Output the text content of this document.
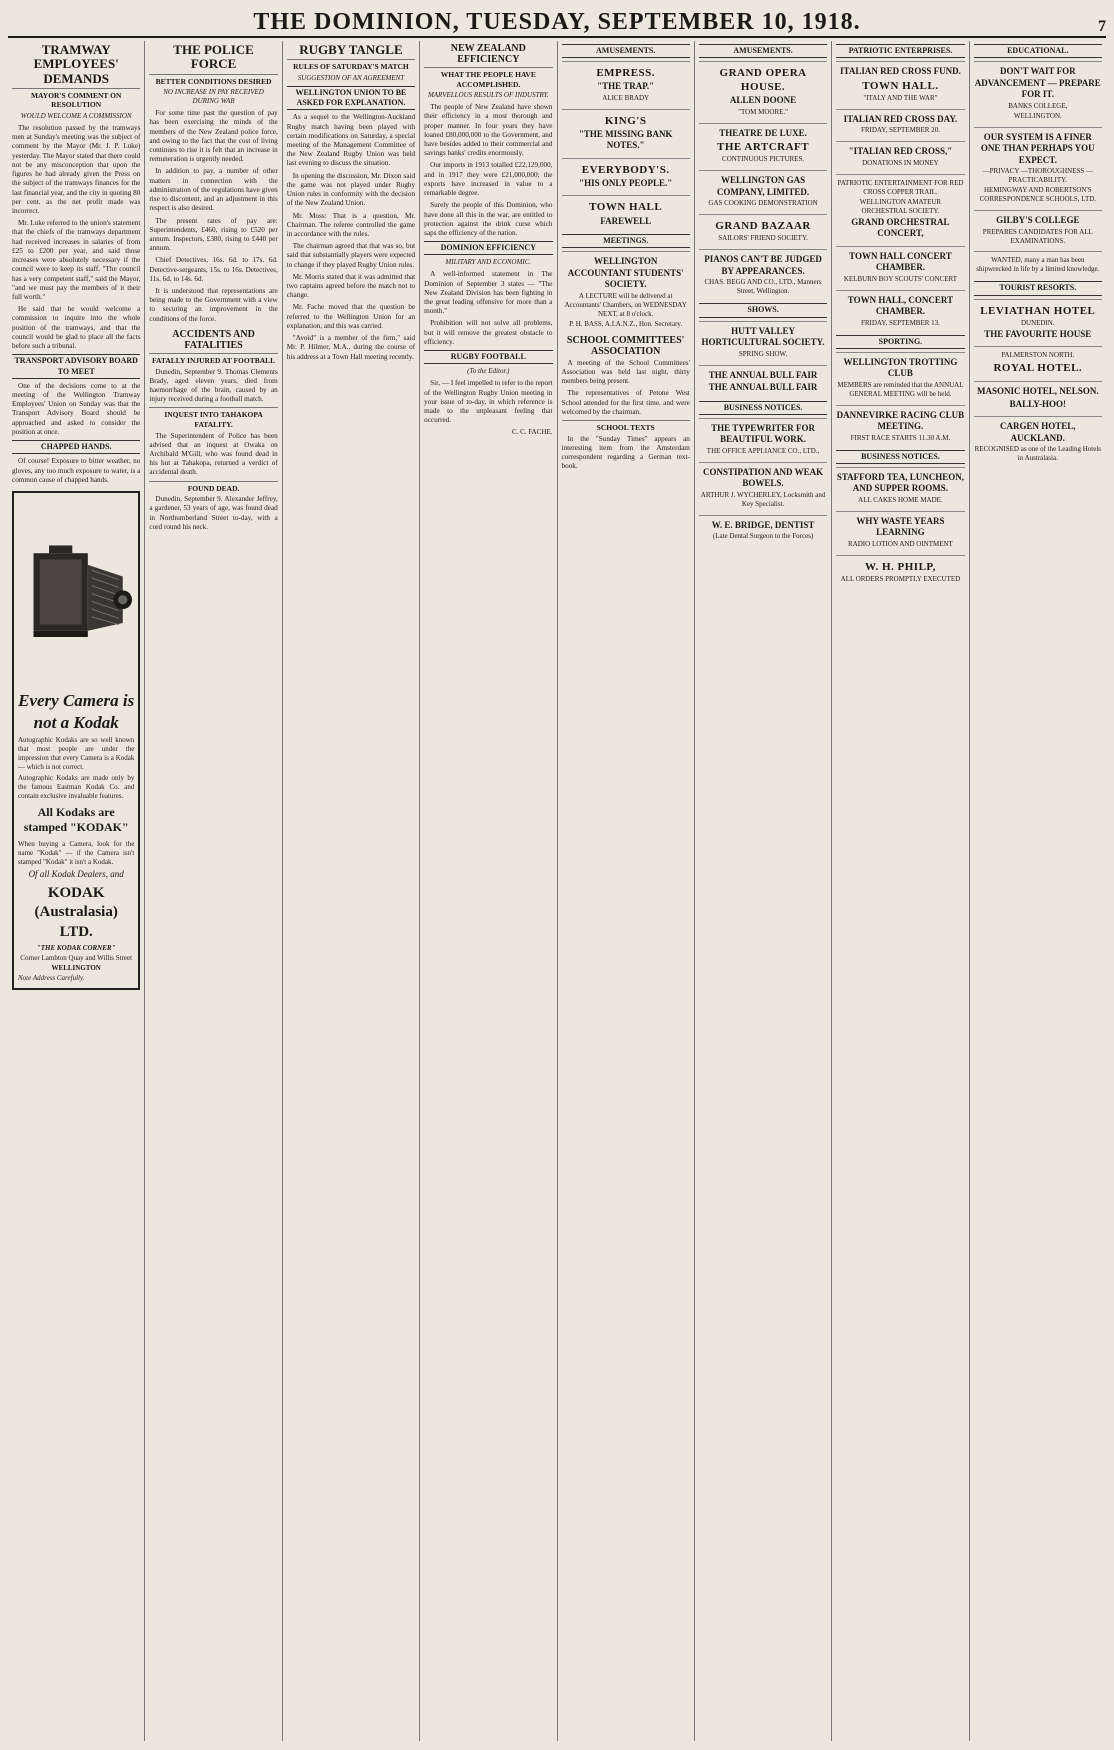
THE DOMINION, TUESDAY, SEPTEMBER 10, 1918.	7
TRAMWAY EMPLOYEES' DEMANDS
MAYOR'S COMMENT ON RESOLUTION
WOULD WELCOME A COMMISSION

The resolution passed by the tramways men at Sunday's meeting was the subject of comment by the Mayor (Mr. J. P. Luke) yesterday. The Mayor stated that there could not be any misconception that upon the figures he had already given the Press on the subject of the tramways finances for the last financial year, and the city in quoting 80 per cent. as the net profit made was incorrect.

Mr. Luke referred to the union's statement that the chiefs of the tramways department had received increases in salaries of from £25 to £200 per year, and said those increases were absolutely necessary if the council were to keep its staff. "The council has a very competent staff," said the Mayor, "and we must pay the members of it their full worth."

He said that he would welcome a commission to inquire into the whole position of the tramways, and that the council would be glad to place all the facts before such a tribunal.

TRANSPORT ADVISORY BOARD TO MEET

One of the decisions come to at the meeting of the Wellington Tramway Employees' Union on Sunday was that the Transport Advisory Board should be approached and asked to consider the position at once.

CHAPPED HANDS.

Of course! Exposure to bitter weather, no gloves, any too much exposure to water, is a common cause of chapped hands.

Every Camera is not a Kodak

Autographic Kodaks are so well known that most people are under the impression that every Camera is a Kodak — which is not correct.

Autographic Kodaks are made only by the famous Eastman Kodak Co. and contain exclusive invaluable features.

All Kodaks are stamped "KODAK"

When buying a Camera, look for the name "Kodak" — if the Camera isn't stamped "Kodak" it isn't a Kodak.

Of all Kodak Dealers, and
KODAK (Australasia) LTD.
"THE KODAK CORNER"
Corner Lambton Quay and Willis Street
WELLINGTON
Note Address Carefully.
THE POLICE FORCE
BETTER CONDITIONS DESIRED
NO INCREASE IN PAY RECEIVED DURING WAR

For some time past the question of pay has been exercising the minds of the members of the New Zealand police force, and owing to the fact that the cost of living continues to rise it is felt that an increase in remuneration is urgently needed.

In addition to pay, a number of other matters in connection with the administration of the regulations have given rise to discontent, and an adjustment in this respect is also desired.

The present rates of pay are: Superintendents, £460, rising to £520 per annum. Inspectors, £380, rising to £440 per annum.

Chief Detectives, 16s. 6d. to 17s. 6d. Detective-sergeants, 15s. to 16s. Detectives, 11s. 6d. to 14s. 6d.

It is understood that representations are being made to the Government with a view to securing an improvement in the conditions of the force.

ACCIDENTS AND FATALITIES
FATALLY INJURED AT FOOTBALL

Dunedin, September 9. Thomas Clements Brady, aged eleven years, died from haemorrhage of the brain, caused by an injury received during a football match.

INQUEST INTO TAHAKOPA FATALITY.

The Superintendent of Police has been advised that an inquest at Owaka on Archibald M'Gill, who was found dead in his hut at Tahakopa, returned a verdict of accidental death.

FOUND DEAD.

Dunedin, September 9. Alexander Jeffrey, a gardener, 53 years of age, was found dead in Northumberland Street to-day, with a cord round his neck.

RUGBY TANGLE
RULES OF SATURDAY'S MATCH
SUGGESTION OF AN AGREEMENT
WELLINGTON UNION TO BE ASKED FOR EXPLANATION.

As a sequel to the Wellington-Auckland Rugby match having been played with certain modifications on Saturday, a special meeting of the Management Committee of the New Zealand Rugby Union was held last evening to discuss the situation.

In opening the discussion, Mr. Dixon said the game was not played under Rugby Union rules in conformity with the decision of the New Zealand Union.

Mr. Moss: That is a question, Mr. Chairman. The referee controlled the game in accordance with the rules.

The chairman agreed that that was so, but said that substantially players were expected to change if they played Rugby Union rules.

Mr. Morris stated that it was admitted that two captains agreed before the match not to change.

Mr. Fache moved that the question be referred to the Wellington Union for an explanation, and this was carried.

"Avoid" is a member of the firm," said Mr. P. Hilmer, M.A., during the course of his address at a Town Hall meeting recently.

NEW ZEALAND EFFICIENCY
WHAT THE PEOPLE HAVE ACCOMPLISHED.
MARVELLOUS RESULTS OF INDUSTRY.

The people of New Zealand have shown their efficiency in a most thorough and proper manner. In four years they have loaned £80,000,000 to the Government, and have besides added to their commercial and savings banks' credits enormously.

Our imports in 1913 totalled £22,129,000, and in 1917 they were £21,000,000; the exports have increased in value to a remarkable degree.

Surely the people of this Dominion, who have done all this in the war, are entitled to protection against the drink curse which saps the efficiency of the nation.

DOMINION EFFICIENCY
MILITARY AND ECONOMIC.

A well-informed statement in The Dominion of September 3 states — "The New Zealand Division has been fighting in the great leading offensive for more than a month."

Prohibition will not solve all problems, but it will remove the greatest obstacle to efficiency.

RUGBY FOOTBALL
(To the Editor.)

Sir, — I feel impelled to refer to the report of the Wellington Rugby Union meeting in your issue of to-day, in which reference is made to the unpleasant feeling that occurred.

C. C. FACHE.
AMUSEMENTS.
EMPRESS.
"THE TRAP."
ALICE BRADY
KING'S
"THE MISSING BANK NOTES."
EVERYBODY'S.
"HIS ONLY PEOPLE."
TOWN HALL
FAREWELL
MEETINGS.
WELLINGTON ACCOUNTANT STUDENTS' SOCIETY.
A LECTURE will be delivered at Accountants' Chambers, on WEDNESDAY NEXT, at 8 o'clock.
P. H. BASS, A.I.A.N.Z., Hon. Secretary.
SCHOOL COMMITTEES' ASSOCIATION

A meeting of the School Committees' Association was held last night, thirty members being present.

The representatives of Petone West School attended for the first time, and were welcomed by the chairman.

SCHOOL TEXTS

In the "Sunday Times" appears an interesting item from the Amsterdam correspondent regarding a German text-book.

AMUSEMENTS.
GRAND OPERA HOUSE.
ALLEN DOONE
"TOM MOORE."
THEATRE DE LUXE.
THE ARTCRAFT
CONTINUOUS PICTURES.
WELLINGTON GAS COMPANY, LIMITED.
GAS COOKING DEMONSTRATION
GRAND BAZAAR
SAILORS' FRIEND SOCIETY.
PIANOS CAN'T BE JUDGED BY APPEARANCES.
CHAS. BEGG AND CO., LTD., Manners Street, Wellington.
SHOWS.
HUTT VALLEY HORTICULTURAL SOCIETY.
SPRING SHOW.
THE ANNUAL BULL FAIR
THE ANNUAL BULL FAIR
BUSINESS NOTICES.
THE TYPEWRITER FOR BEAUTIFUL WORK.
THE OFFICE APPLIANCE CO., LTD.,
CONSTIPATION AND WEAK BOWELS.
ARTHUR J. WYCHERLEY, Locksmith and Key Specialist.
W. E. BRIDGE, DENTIST
(Late Dental Surgeon to the Forces)
PATRIOTIC ENTERPRISES.
ITALIAN RED CROSS FUND.
TOWN HALL.
"ITALY AND THE WAR"
ITALIAN RED CROSS DAY.
FRIDAY, SEPTEMBER 20.
"ITALIAN RED CROSS,"
DONATIONS IN MONEY
PATRIOTIC ENTERTAINMENT FOR RED CROSS COPPER TRAIL.
WELLINGTON AMATEUR ORCHESTRAL SOCIETY.
GRAND ORCHESTRAL CONCERT,
TOWN HALL CONCERT CHAMBER.
KELBURN BOY SCOUTS' CONCERT
TOWN HALL, CONCERT CHAMBER.
FRIDAY, SEPTEMBER 13.
SPORTING.
WELLINGTON TROTTING CLUB
MEMBERS are reminded that the ANNUAL GENERAL MEETING will be held.
DANNEVIRKE RACING CLUB MEETING.
FIRST RACE STARTS 11.30 A.M.
BUSINESS NOTICES.
STAFFORD TEA, LUNCHEON, AND SUPPER ROOMS.
ALL CAKES HOME MADE.
WHY WASTE YEARS LEARNING
RADIO LOTION AND OINTMENT
W. H. PHILP,
ALL ORDERS PROMPTLY EXECUTED
EDUCATIONAL.
DON'T WAIT FOR ADVANCEMENT — PREPARE FOR IT.
BANKS COLLEGE,
WELLINGTON.
OUR SYSTEM IS A FINER ONE THAN PERHAPS YOU EXPECT.
—PRIVACY —THOROUGHNESS —PRACTICABILITY.
HEMINGWAY AND ROBERTSON'S CORRESPONDENCE SCHOOLS, LTD.
GILBY'S COLLEGE
PREPARES CANDIDATES FOR ALL EXAMINATIONS.
WANTED, many a man has been shipwrecked in life by a limited knowledge.
TOURIST RESORTS.
LEVIATHAN HOTEL
DUNEDIN.
THE FAVOURITE HOUSE
PALMERSTON NORTH.
ROYAL HOTEL.
MASONIC HOTEL, NELSON.
BALLY-HOO!
CARGEN HOTEL, AUCKLAND.
RECOGNISED as one of the Leading Hotels in Australasia.
